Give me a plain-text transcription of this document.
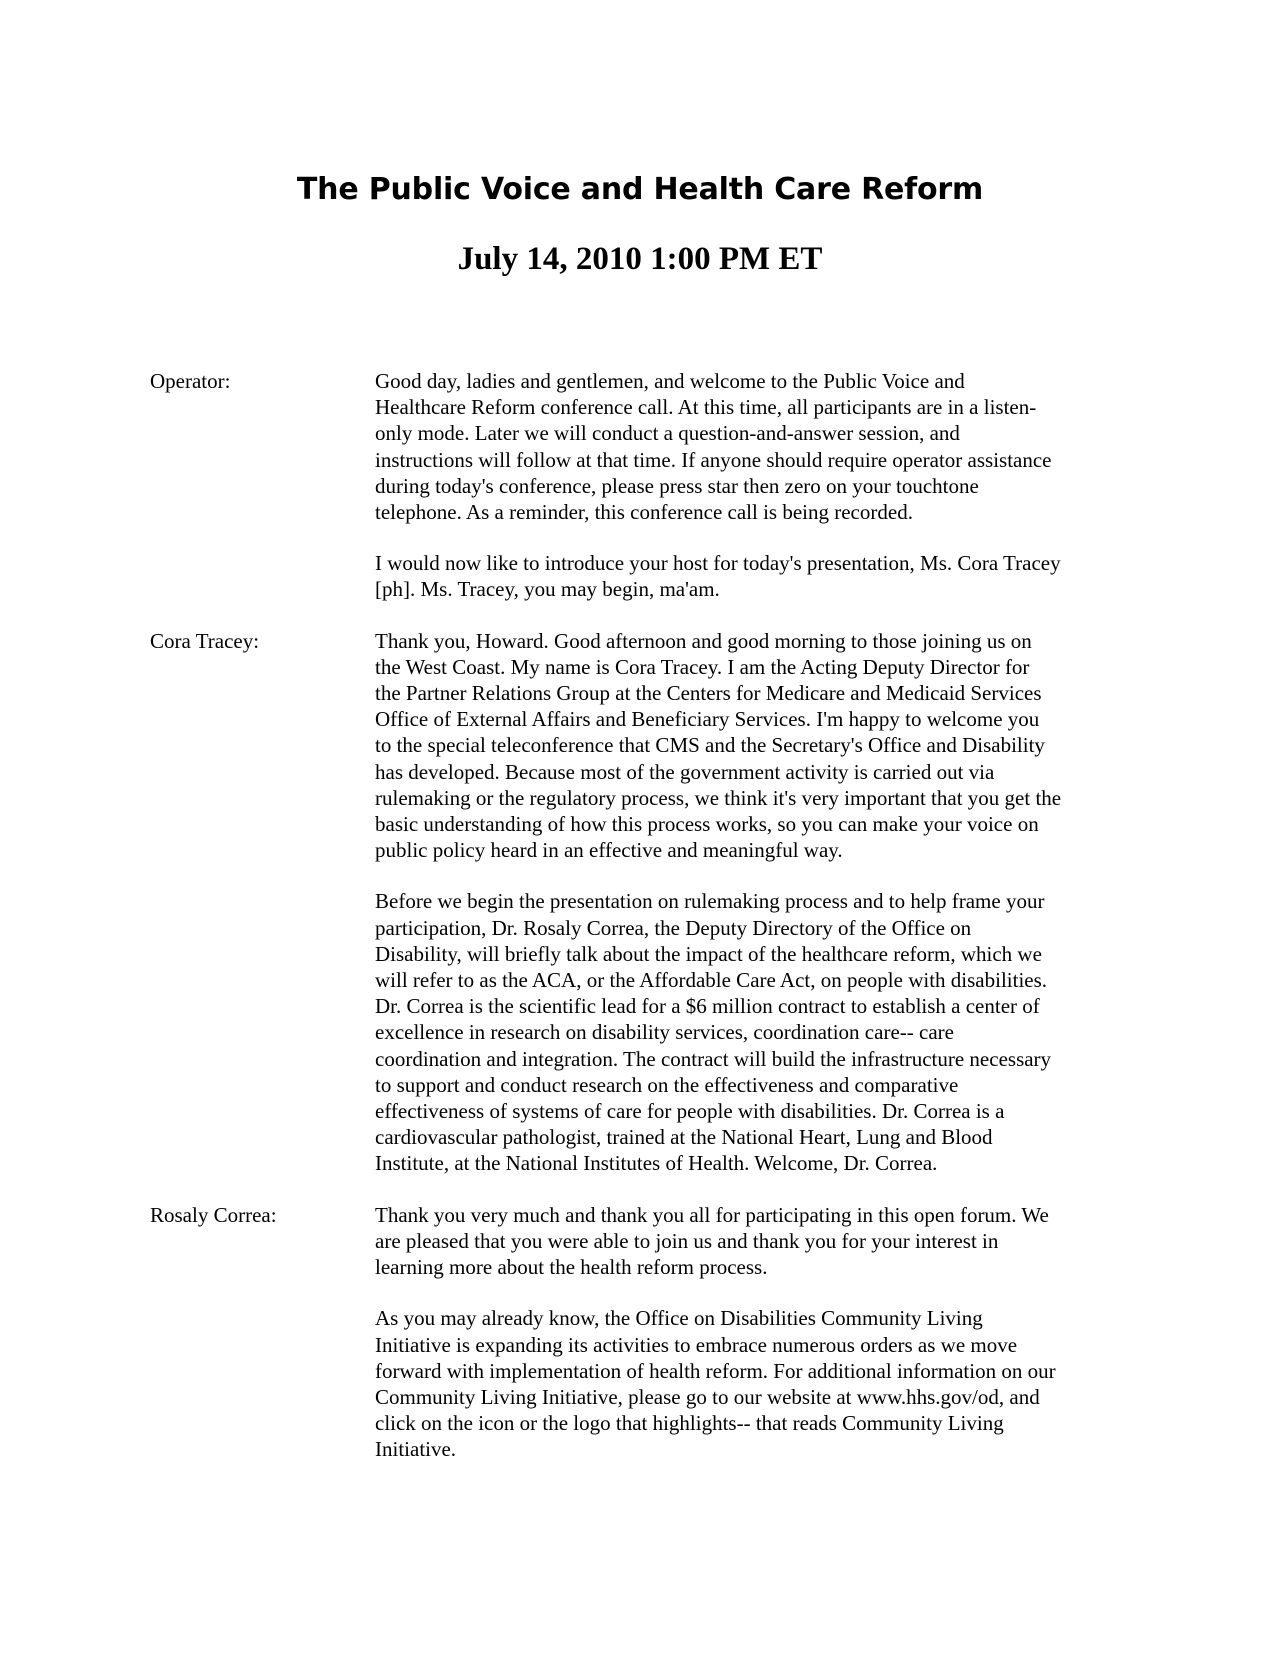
The Public Voice and Health Care Reform
July 14, 2010 1:00 PM ET
Operator:	Good day, ladies and gentlemen, and welcome to the Public Voice and
Healthcare Reform conference call. At this time, all participants are in a listen-
only mode. Later we will conduct a question-and-answer session, and
instructions will follow at that time. If anyone should require operator assistance
during today's conference, please press star then zero on your touchtone
telephone. As a reminder, this conference call is being recorded.

I would now like to introduce your host for today's presentation, Ms. Cora Tracey
[ph]. Ms. Tracey, you may begin, ma'am.

Cora Tracey:	Thank you, Howard. Good afternoon and good morning to those joining us on
the West Coast. My name is Cora Tracey. I am the Acting Deputy Director for
the Partner Relations Group at the Centers for Medicare and Medicaid Services
Office of External Affairs and Beneficiary Services. I'm happy to welcome you
to the special teleconference that CMS and the Secretary's Office and Disability
has developed. Because most of the government activity is carried out via
rulemaking or the regulatory process, we think it's very important that you get the
basic understanding of how this process works, so you can make your voice on
public policy heard in an effective and meaningful way.

Before we begin the presentation on rulemaking process and to help frame your
participation, Dr. Rosaly Correa, the Deputy Directory of the Office on
Disability, will briefly talk about the impact of the healthcare reform, which we
will refer to as the ACA, or the Affordable Care Act, on people with disabilities.
Dr. Correa is the scientific lead for a $6 million contract to establish a center of
excellence in research on disability services, coordination care-- care
coordination and integration. The contract will build the infrastructure necessary
to support and conduct research on the effectiveness and comparative
effectiveness of systems of care for people with disabilities. Dr. Correa is a
cardiovascular pathologist, trained at the National Heart, Lung and Blood
Institute, at the National Institutes of Health. Welcome, Dr. Correa.

Rosaly Correa:	Thank you very much and thank you all for participating in this open forum. We
are pleased that you were able to join us and thank you for your interest in
learning more about the health reform process.

As you may already know, the Office on Disabilities Community Living
Initiative is expanding its activities to embrace numerous orders as we move
forward with implementation of health reform. For additional information on our
Community Living Initiative, please go to our website at www.hhs.gov/od, and
click on the icon or the logo that highlights-- that reads Community Living
Initiative.
